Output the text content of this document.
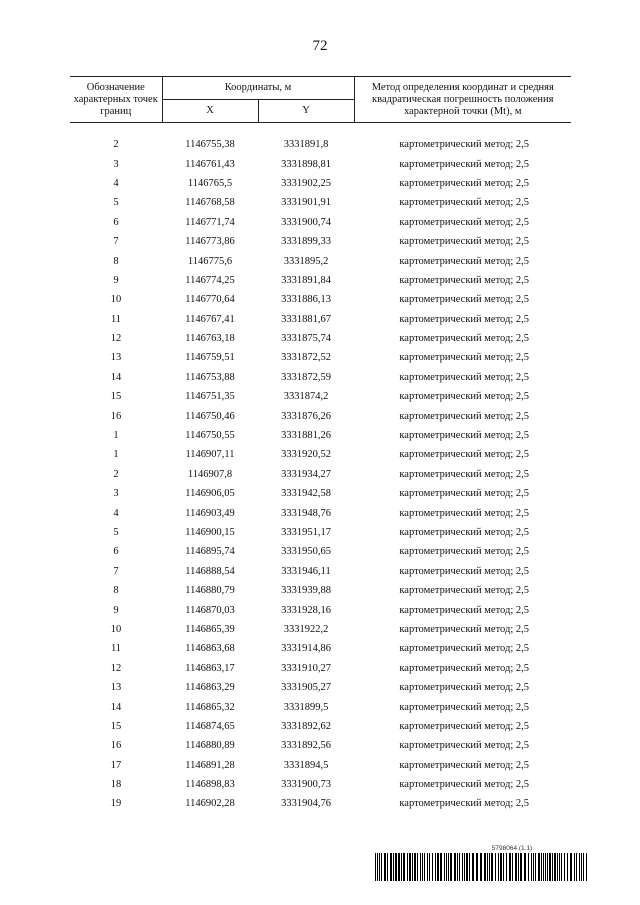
72
Обозначение характерных точек границ	Координаты, м		Метод определения координат и средняя квадратическая погрешность положения характерной точки (Mt), м
	X	Y	

2	1146755,38	3331891,8	картометрический метод; 2,5
3	1146761,43	3331898,81	картометрический метод; 2,5
4	1146765,5	3331902,25	картометрический метод; 2,5
5	1146768,58	3331901,91	картометрический метод; 2,5
6	1146771,74	3331900,74	картометрический метод; 2,5
7	1146773,86	3331899,33	картометрический метод; 2,5
8	1146775,6	3331895,2	картометрический метод; 2,5
9	1146774,25	3331891,84	картометрический метод; 2,5
10	1146770,64	3331886,13	картометрический метод; 2,5
11	1146767,41	3331881,67	картометрический метод; 2,5
12	1146763,18	3331875,74	картометрический метод; 2,5
13	1146759,51	3331872,52	картометрический метод; 2,5
14	1146753,88	3331872,59	картометрический метод; 2,5
15	1146751,35	3331874,2	картометрический метод; 2,5
16	1146750,46	3331876,26	картометрический метод; 2,5
1	1146750,55	3331881,26	картометрический метод; 2,5
1	1146907,11	3331920,52	картометрический метод; 2,5
2	1146907,8	3331934,27	картометрический метод; 2,5
3	1146906,05	3331942,58	картометрический метод; 2,5
4	1146903,49	3331948,76	картометрический метод; 2,5
5	1146900,15	3331951,17	картометрический метод; 2,5
6	1146895,74	3331950,65	картометрический метод; 2,5
7	1146888,54	3331946,11	картометрический метод; 2,5
8	1146880,79	3331939,88	картометрический метод; 2,5
9	1146870,03	3331928,16	картометрический метод; 2,5
10	1146865,39	3331922,2	картометрический метод; 2,5
11	1146863,68	3331914,86	картометрический метод; 2,5
12	1146863,17	3331910,27	картометрический метод; 2,5
13	1146863,29	3331905,27	картометрический метод; 2,5
14	1146865,32	3331899,5	картометрический метод; 2,5
15	1146874,65	3331892,62	картометрический метод; 2,5
16	1146880,89	3331892,56	картометрический метод; 2,5
17	1146891,28	3331894,5	картометрический метод; 2,5
18	1146898,83	3331900,73	картометрический метод; 2,5
19	1146902,28	3331904,76	картометрический метод; 2,5
5798064 (1.1)
